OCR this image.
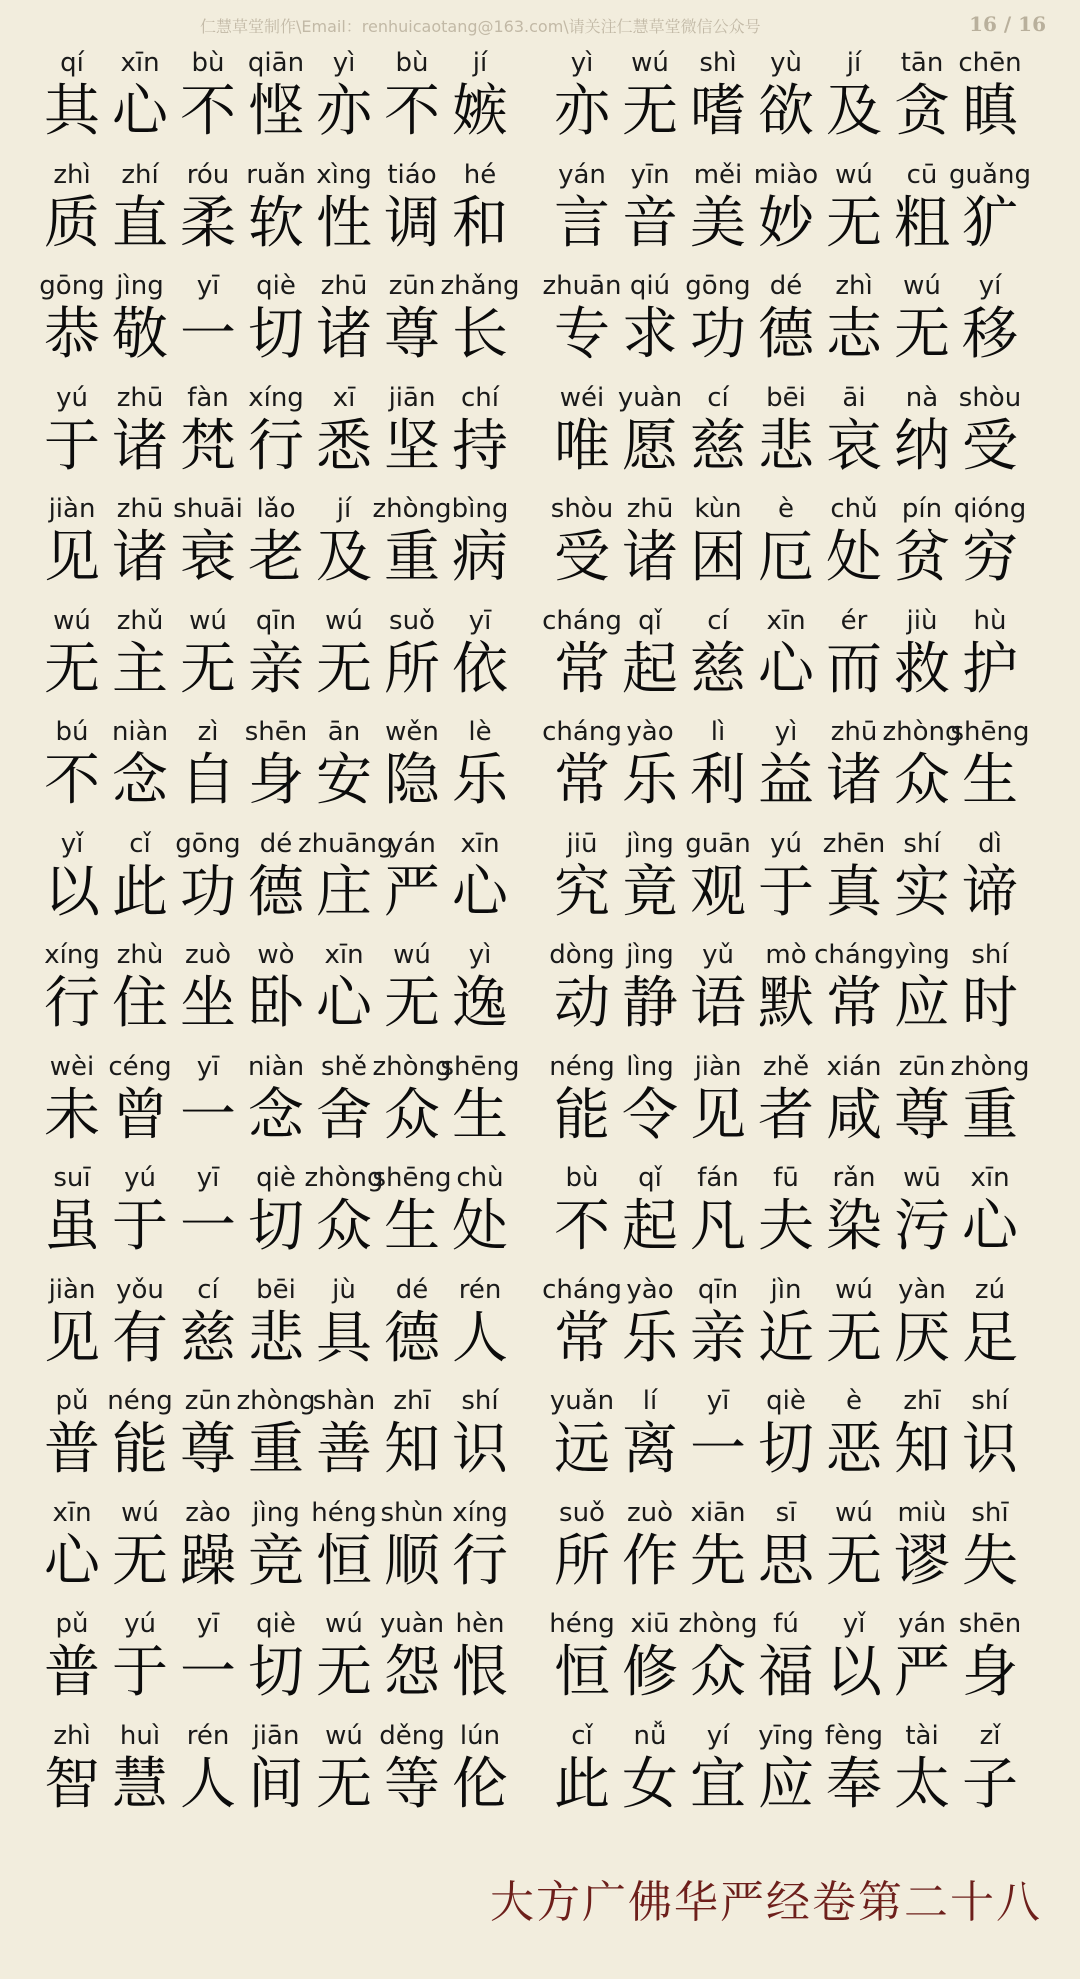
仁慧草堂制作\Email：renhuicaotang@163.com\请关注仁慧草堂微信公众号	16 / 16
qí
其
xīn
心
bù
不
qiān
悭
yì
亦
bù
不
jí
嫉
yì
亦
wú
无
shì
嗜
yù
欲
jí
及
tān
贪
chēn
瞋
zhì
质
zhí
直
róu
柔
ruǎn
软
xìng
性
tiáo
调
hé
和
yán
言
yīn
音
měi
美
miào
妙
wú
无
cū
粗
guǎng
犷
gōng
恭
jìng
敬
yī
一
qiè
切
zhū
诸
zūn
尊
zhǎng
长
zhuān
专
qiú
求
gōng
功
dé
德
zhì
志
wú
无
yí
移
yú
于
zhū
诸
fàn
梵
xíng
行
xī
悉
jiān
坚
chí
持
wéi
唯
yuàn
愿
cí
慈
bēi
悲
āi
哀
nà
纳
shòu
受
jiàn
见
zhū
诸
shuāi
衰
lǎo
老
jí
及
zhòng
重
bìng
病
shòu
受
zhū
诸
kùn
困
è
厄
chǔ
处
pín
贫
qióng
穷
wú
无
zhǔ
主
wú
无
qīn
亲
wú
无
suǒ
所
yī
依
cháng
常
qǐ
起
cí
慈
xīn
心
ér
而
jiù
救
hù
护
bú
不
niàn
念
zì
自
shēn
身
ān
安
wěn
隐
lè
乐
cháng
常
yào
乐
lì
利
yì
益
zhū
诸
zhòng
众
shēng
生
yǐ
以
cǐ
此
gōng
功
dé
德
zhuāng
庄
yán
严
xīn
心
jiū
究
jìng
竟
guān
观
yú
于
zhēn
真
shí
实
dì
谛
xíng
行
zhù
住
zuò
坐
wò
卧
xīn
心
wú
无
yì
逸
dòng
动
jìng
静
yǔ
语
mò
默
cháng
常
yìng
应
shí
时
wèi
未
céng
曾
yī
一
niàn
念
shě
舍
zhòng
众
shēng
生
néng
能
lìng
令
jiàn
见
zhě
者
xián
咸
zūn
尊
zhòng
重
suī
虽
yú
于
yī
一
qiè
切
zhòng
众
shēng
生
chù
处
bù
不
qǐ
起
fán
凡
fū
夫
rǎn
染
wū
污
xīn
心
jiàn
见
yǒu
有
cí
慈
bēi
悲
jù
具
dé
德
rén
人
cháng
常
yào
乐
qīn
亲
jìn
近
wú
无
yàn
厌
zú
足
pǔ
普
néng
能
zūn
尊
zhòng
重
shàn
善
zhī
知
shí
识
yuǎn
远
lí
离
yī
一
qiè
切
è
恶
zhī
知
shí
识
xīn
心
wú
无
zào
躁
jìng
竞
héng
恒
shùn
顺
xíng
行
suǒ
所
zuò
作
xiān
先
sī
思
wú
无
miù
谬
shī
失
pǔ
普
yú
于
yī
一
qiè
切
wú
无
yuàn
怨
hèn
恨
héng
恒
xiū
修
zhòng
众
fú
福
yǐ
以
yán
严
shēn
身
zhì
智
huì
慧
rén
人
jiān
间
wú
无
děng
等
lún
伦
cǐ
此
nǚ
女
yí
宜
yīng
应
fèng
奉
tài
太
zǐ
子
大方广佛华严经卷第二十八
